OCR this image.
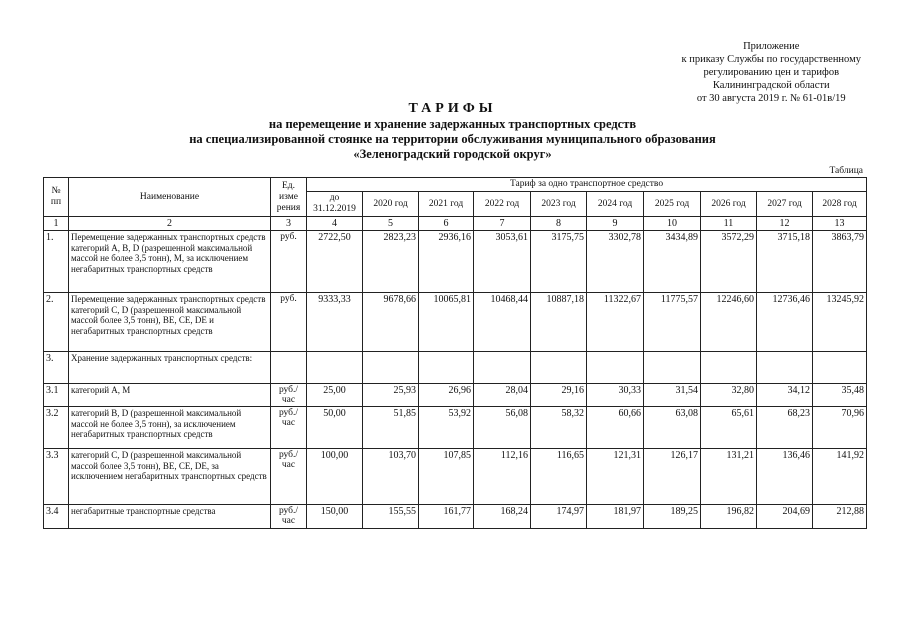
Приложение
к приказу Службы по государственному
регулированию цен и тарифов
Калининградской области
от 30 августа 2019 г. № 61-01в/19
ТАРИФЫ
на перемещение и хранение задержанных транспортных средств
на специализированной стоянке на территории обслуживания муниципального образования
«Зеленоградский городской округ»
Таблица
№ пп	Наименование	Ед. изме рения	Тариф за одно транспортное средство									
			до 31.12.2019	2020 год	2021 год	2022 год	2023 год	2024 год	2025 год	2026 год	2027 год	2028 год
1	2	3	4	5	6	7	8	9	10	11	12	13
1.	Перемещение задержанных транспортных средств категорий A, B, D (разрешенной максимальной массой не более 3,5 тонн), M, за исключением негабаритных транспортных средств	руб.	2722,50	2823,23	2936,16	3053,61	3175,75	3302,78	3434,89	3572,29	3715,18	3863,79
2.	Перемещение задержанных транспортных средств категорий C, D (разрешенной максимальной массой более 3,5 тонн), BE, CE, DE и негабаритных транспортных средств	руб.	9333,33	9678,66	10065,81	10468,44	10887,18	11322,67	11775,57	12246,60	12736,46	13245,92
3.	Хранение задержанных транспортных средств:											
3.1	категорий A, M	руб./ час	25,00	25,93	26,96	28,04	29,16	30,33	31,54	32,80	34,12	35,48
3.2	категорий B, D (разрешенной максимальной массой не более 3,5 тонн), за исключением негабаритных транспортных средств	руб./ час	50,00	51,85	53,92	56,08	58,32	60,66	63,08	65,61	68,23	70,96
3.3	категорий C, D (разрешенной максимальной массой более 3,5 тонн), BE, CE, DE, за исключением негабаритных транспортных средств	руб./ час	100,00	103,70	107,85	112,16	116,65	121,31	126,17	131,21	136,46	141,92
3.4	негабаритные транспортные средства	руб./ час	150,00	155,55	161,77	168,24	174,97	181,97	189,25	196,82	204,69	212,88
